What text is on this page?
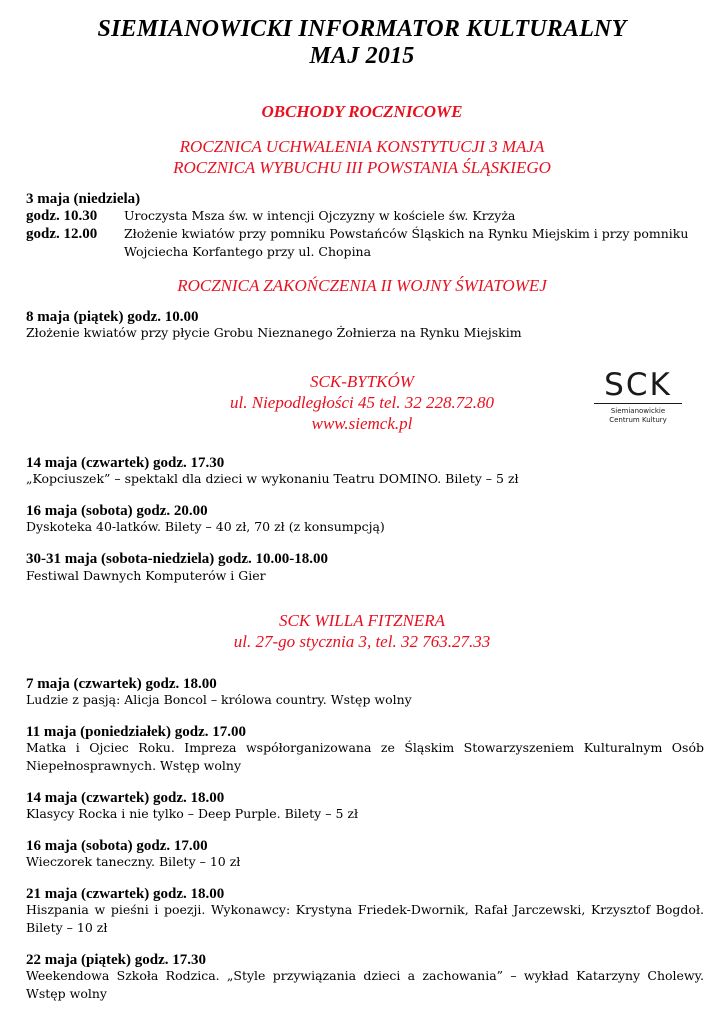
SIEMIANOWICKI INFORMATOR KULTURALNY
MAJ 2015
OBCHODY ROCZNICOWE
ROCZNICA UCHWALENIA KONSTYTUCJI 3 MAJA
ROCZNICA WYBUCHU III POWSTANIA ŚLĄSKIEGO
3 maja (niedziela)
godz. 10.30	Uroczysta Msza św. w intencji Ojczyzny w kościele św. Krzyża
godz. 12.00	Złożenie kwiatów przy pomniku Powstańców Śląskich na Rynku Miejskim i przy pomniku Wojciecha Korfantego przy ul. Chopina
ROCZNICA ZAKOŃCZENIA II WOJNY ŚWIATOWEJ
8 maja (piątek) godz. 10.00
Złożenie kwiatów przy płycie Grobu Nieznanego Żołnierza na Rynku Miejskim
SCK-BYTKÓW
ul. Niepodległości 45 tel. 32 228.72.80
www.siemck.pl
SCK
Siemianowickie
Centrum Kultury
14 maja (czwartek) godz. 17.30
„Kopciuszek” – spektakl dla dzieci w wykonaniu Teatru DOMINO. Bilety – 5 zł
16 maja (sobota) godz. 20.00
Dyskoteka 40-latków. Bilety – 40 zł, 70 zł (z konsumpcją)
30-31 maja (sobota-niedziela) godz. 10.00-18.00
Festiwal Dawnych Komputerów i Gier
SCK WILLA FITZNERA
ul. 27-go stycznia 3, tel. 32 763.27.33
7 maja (czwartek) godz. 18.00
Ludzie z pasją: Alicja Boncol – królowa country. Wstęp wolny
11 maja (poniedziałek) godz. 17.00
Matka i Ojciec Roku. Impreza współorganizowana ze Śląskim Stowarzyszeniem Kulturalnym Osób Niepełnosprawnych. Wstęp wolny
14 maja (czwartek) godz. 18.00
Klasycy Rocka i nie tylko – Deep Purple. Bilety – 5 zł
16 maja (sobota) godz. 17.00
Wieczorek taneczny. Bilety – 10 zł
21 maja (czwartek) godz. 18.00
Hiszpania w pieśni i poezji. Wykonawcy: Krystyna Friedek-Dwornik, Rafał Jarczewski, Krzysztof Bogdoł. Bilety – 10 zł
22 maja (piątek) godz. 17.30
Weekendowa Szkoła Rodzica. „Style przywiązania dzieci a zachowania” – wykład Katarzyny Cholewy. Wstęp wolny
